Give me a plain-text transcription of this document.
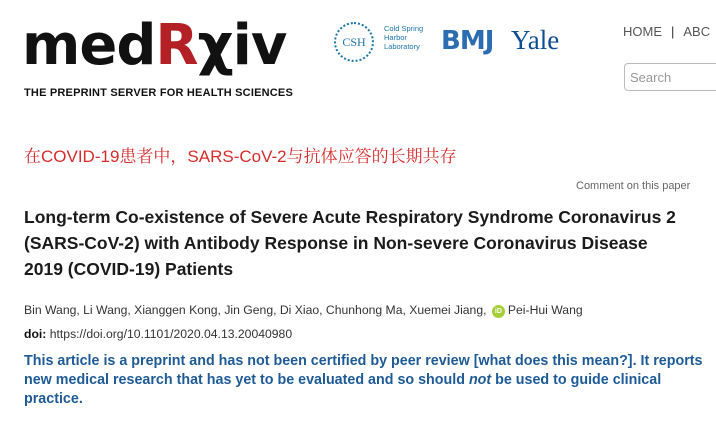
medRχiv
THE PREPRINT SERVER FOR HEALTH SCIENCES
CSH
Cold Spring Harbor Laboratory BMJ Yale	HOME | ABC
Search
在COVID-19患者中，SARS-CoV-2与抗体应答的长期共存
Comment on this paper
Long-term Co-existence of Severe Acute Respiratory Syndrome Coronavirus 2 (SARS-CoV-2) with Antibody Response in Non-severe Coronavirus Disease 2019 (COVID-19) Patients
Bin Wang, Li Wang, Xianggen Kong, Jin Geng, Di Xiao, Chunhong Ma, Xuemei Jiang, iD Pei-Hui Wang
doi: https://doi.org/10.1101/2020.04.13.20040980
This article is a preprint and has not been certified by peer review [what does this mean?]. It reports new medical research that has yet to be evaluated and so should not be used to guide clinical practice.
